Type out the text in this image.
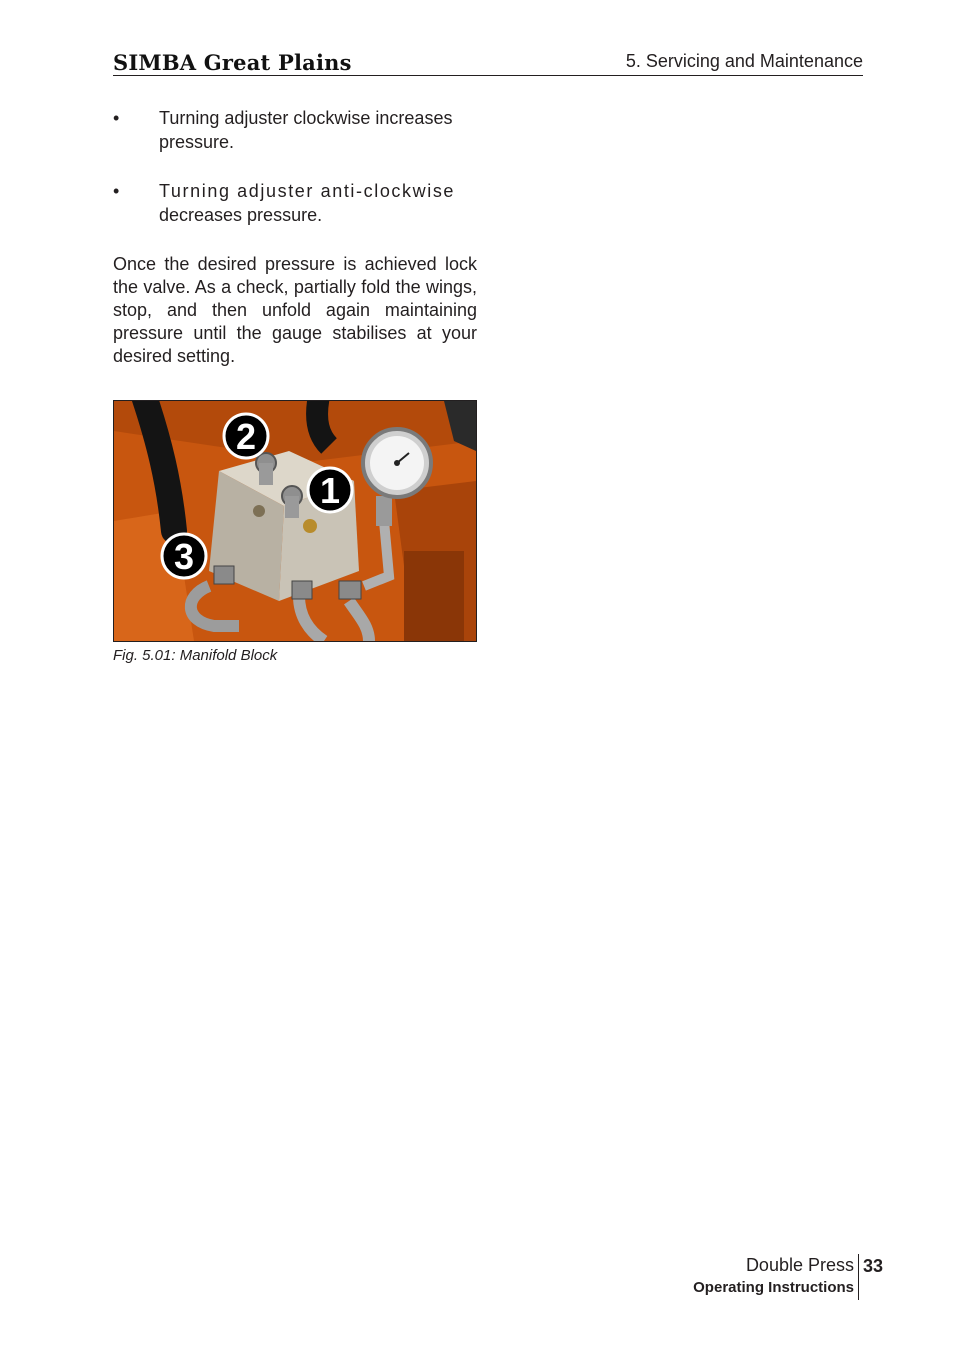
SIMBA Great Plains	5. Servicing and Maintenance
• Turning adjuster clockwise increases
pressure.
• Turning adjuster anti-clockwise
decreases pressure.

Once the desired pressure is achieved lock the valve. As a check, partially fold the wings, stop, and then unfold again maintaining pressure until the gauge stabilises at your desired setting.

1
2
3
Fig. 5.01: Manifold Block
Double Press
Operating Instructions
33
